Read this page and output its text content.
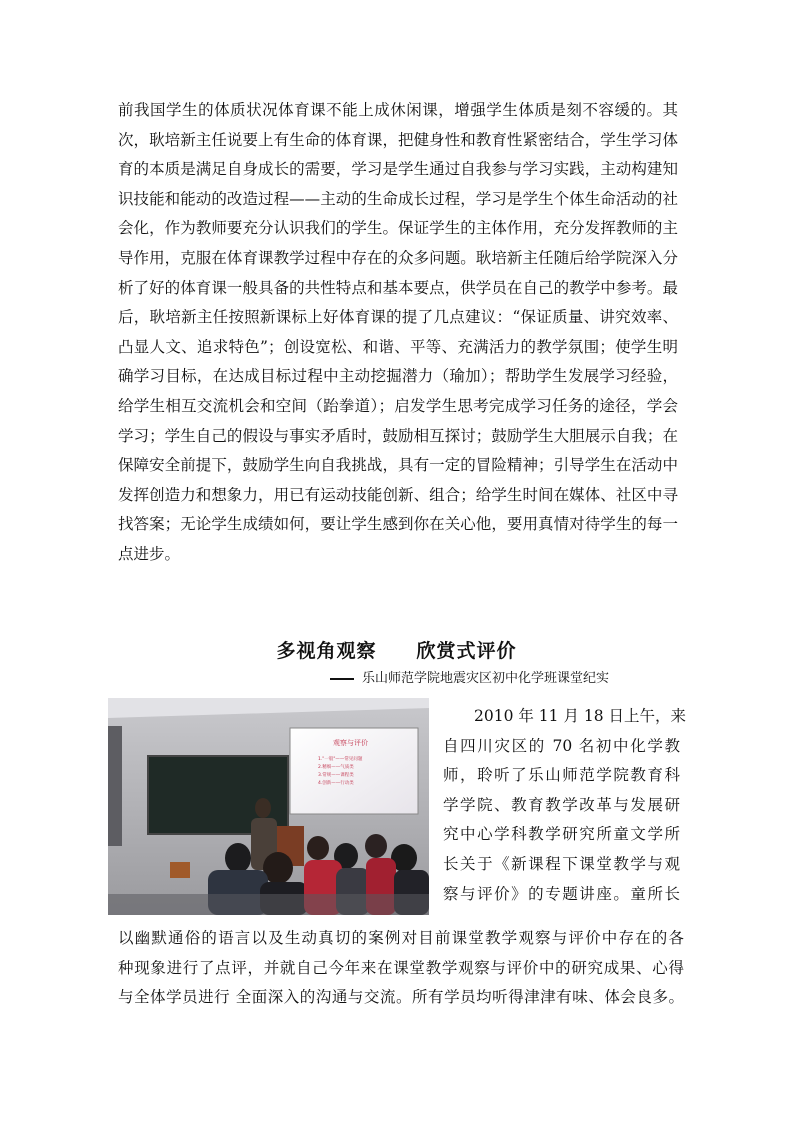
前我国学生的体质状况体育课不能上成休闲课，增强学生体质是刻不容缓的。其次，耿培新主任说要上有生命的体育课，把健身性和教育性紧密结合，学生学习体育的本质是满足自身成长的需要，学习是学生通过自我参与学习实践，主动构建知识技能和能动的改造过程——主动的生命成长过程，学习是学生个体生命活动的社会化，作为教师要充分认识我们的学生。保证学生的主体作用，充分发挥教师的主导作用，克服在体育课教学过程中存在的众多问题。耿培新主任随后给学院深入分析了好的体育课一般具备的共性特点和基本要点，供学员在自己的教学中参考。最后，耿培新主任按照新课标上好体育课的提了几点建议：“保证质量、讲究效率、凸显人文、追求特色”；创设宽松、和谐、平等、充满活力的教学氛围；使学生明确学习目标，在达成目标过程中主动挖掘潜力（瑜加）；帮助学生发展学习经验，给学生相互交流机会和空间（跆拳道）；启发学生思考完成学习任务的途径，学会学习；学生自己的假设与事实矛盾时，鼓励相互探讨；鼓励学生大胆展示自我；在保障安全前提下，鼓励学生向自我挑战，具有一定的冒险精神；引导学生在活动中发挥创造力和想象力，用已有运动技能创新、组合；给学生时间在媒体、社区中寻找答案；无论学生成绩如何，要让学生感到你在关心他，要用真情对待学生的每一点进步。

多视角观察　　欣赏式评价
乐山师范学院地震灾区初中化学班课堂纪实
观察与评价
1."一般"——常见问题
2.精细——气质类
3.常规——课程类
4.创新——行动类
　　2010 年 11 月 18 日上午，来
自四川灾区的 70 名初中化学教
师，聆听了乐山师范学院教育科
学学院、教育教学改革与发展研
究中心学科教学研究所童文学所
长关于《新课程下课堂教学与观
察与评价》的专题讲座。童所长
以幽默通俗的语言以及生动真切的案例对目前课堂教学观察与评价中存在的各
种现象进行了点评，并就自己今年来在课堂教学观察与评价中的研究成果、心得
与全体学员进行 全面深入的沟通与交流。所有学员均听得津津有味、体会良多。
